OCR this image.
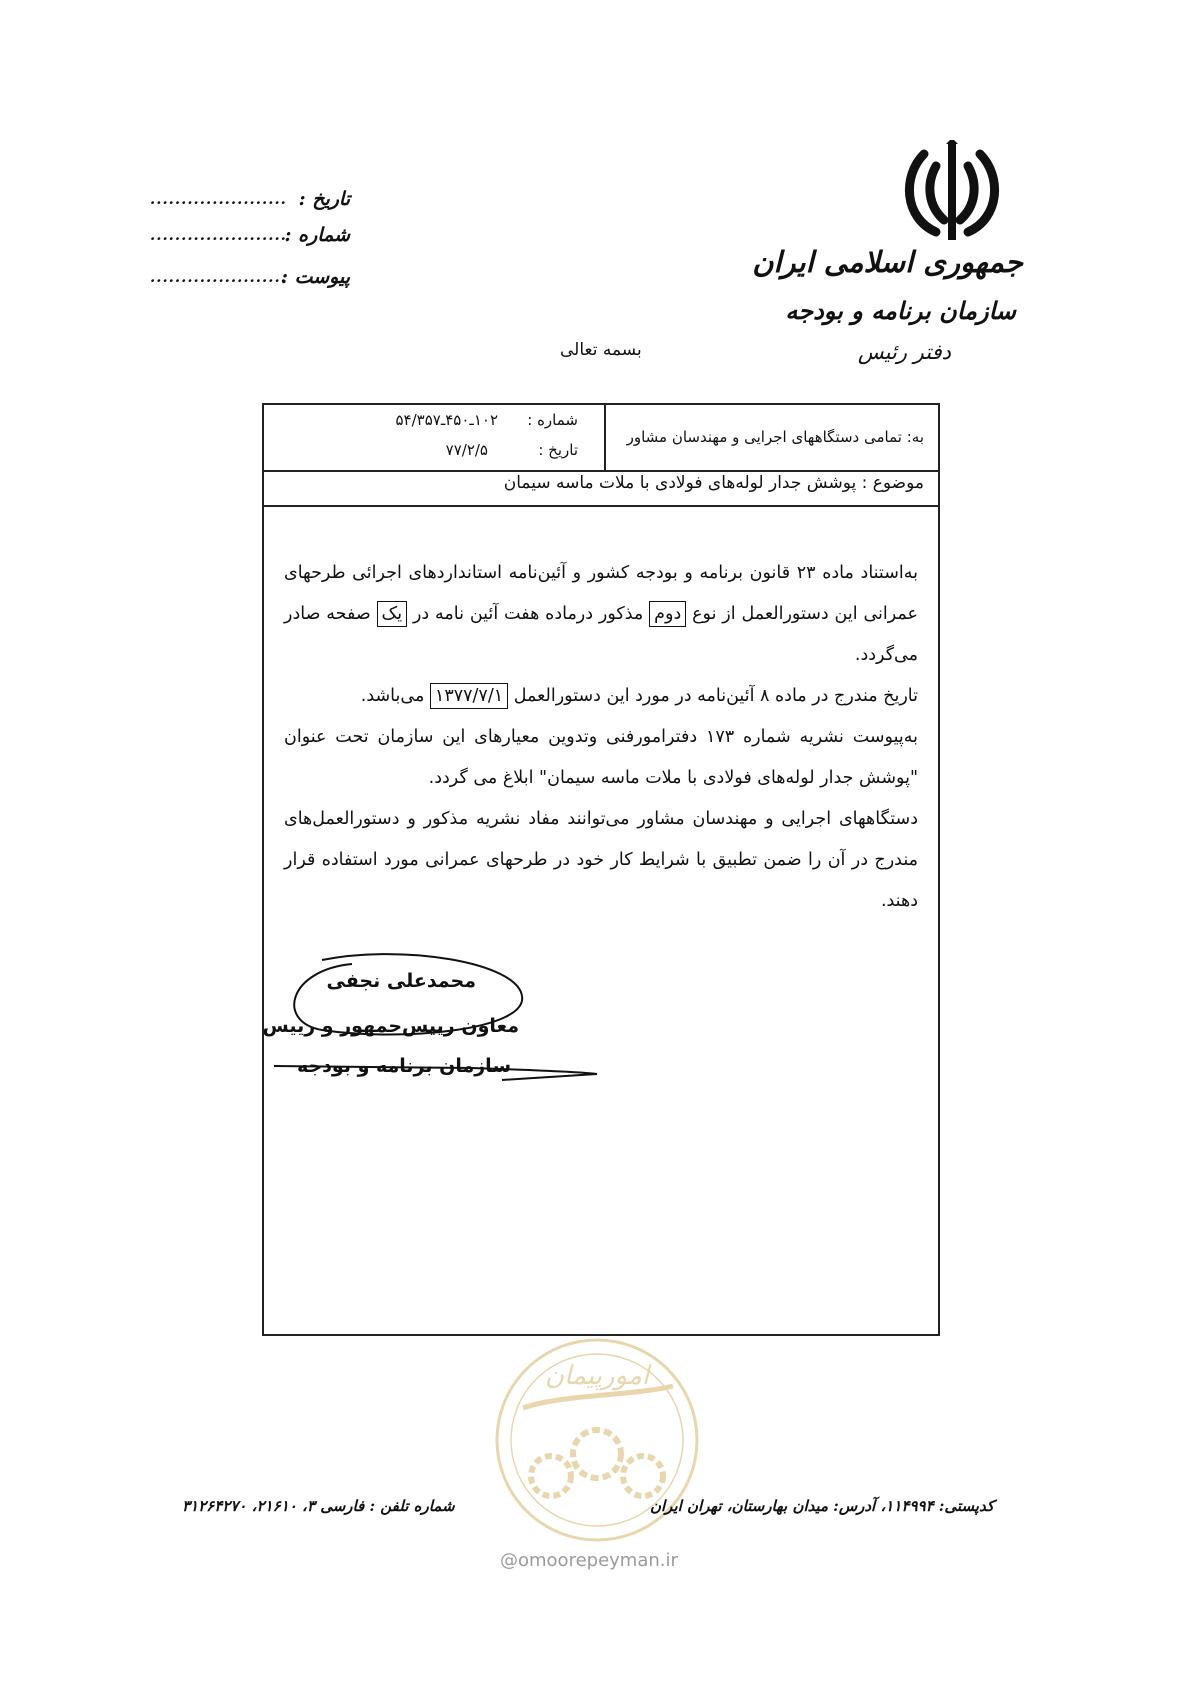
تاریخ :
......................
شماره :
......................
پیوست :
......................	جمهوری اسلامی ایران
سازمان برنامه و بودجه
دفتر رئیس
بسمه تعالی
به: تمامی دستگاههای اجرایی و مهندسان مشاور
شماره :
۱۰۲ـ۴۵۰ـ۵۴/۳۵۷
تاریخ :
۷۷/۲/۵
موضوع : پوشش جدار لوله‌های فولادی با ملات ماسه سیمان

به‌استناد ماده ۲۳ قانون برنامه و بودجه کشور و آئین‌نامه استانداردهای اجرائی طرحهای عمرانی این دستورالعمل از نوع دوم مذکور درماده هفت آئین نامه در یک صفحه صادر می‌گردد.

تاریخ مندرج در ماده ۸ آئین‌نامه در مورد این دستورالعمل ۱۳۷۷/۷/۱ می‌باشد.

به‌پیوست نشریه شماره ۱۷۳ دفترامورفنی وتدوین معیارهای این سازمان تحت عنوان "پوشش جدار لوله‌های فولادی با ملات ماسه سیمان" ابلاغ می گردد.

دستگاههای اجرایی و مهندسان مشاور می‌توانند مفاد نشریه مذکور و دستورالعمل‌های مندرج در آن را ضمن تطبیق با شرایط کار خود در طرحهای عمرانی مورد استفاده قرار دهند.

محمدعلی نجفی
معاون رییس‌جمهور و رییس
سازمان برنامه و بودجه
امورپیمان
@omoorepeyman.ir
کدپستی: ۱۱۴۹۹۴، آدرس: میدان بهارستان، تهران ایران
شماره تلفن : فارسی ۳، ۲۱۶۱۰، ۳۱۲۶۴۲۷۰
